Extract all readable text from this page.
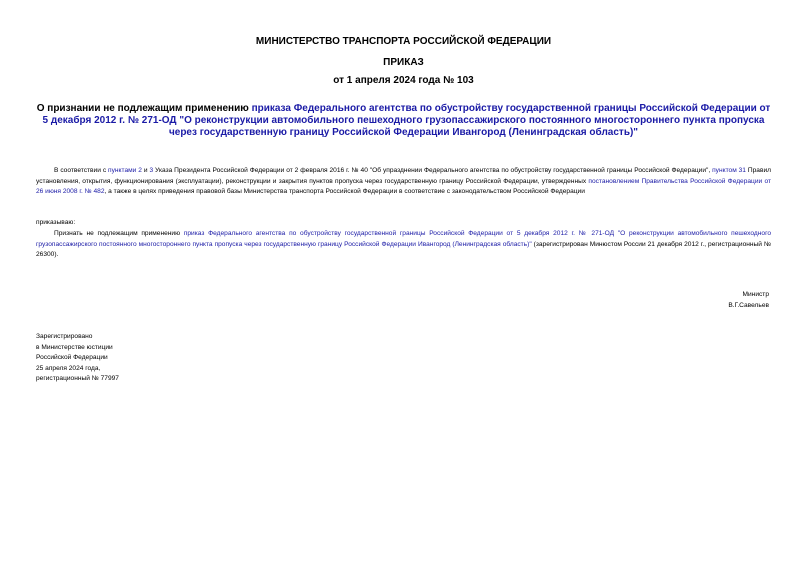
МИНИСТЕРСТВО ТРАНСПОРТА РОССИЙСКОЙ ФЕДЕРАЦИИ
ПРИКАЗ
от 1 апреля 2024 года № 103
О признании не подлежащим применению приказа Федерального агентства по обустройству государственной границы Российской Федерации от 5 декабря 2012 г. № 271-ОД "О реконструкции автомобильного пешеходного грузопассажирского постоянного многостороннего пункта пропуска через государственную границу Российской Федерации Ивангород (Ленинградская область)"
В соответствии с пунктами 2 и 3 Указа Президента Российской Федерации от 2 февраля 2016 г. № 40 "Об упразднении Федерального агентства по обустройству государственной границы Российской Федерации", пунктом 31 Правил установления, открытия, функционирования (эксплуатации), реконструкции и закрытия пунктов пропуска через государственную границу Российской Федерации, утвержденных постановлением Правительства Российской Федерации от 26 июня 2008 г. № 482, а также в целях приведения правовой базы Министерства транспорта Российской Федерации в соответствие с законодательством Российской Федерации
приказываю:
Признать не подлежащим применению приказ Федерального агентства по обустройству государственной границы Российской Федерации от 5 декабря 2012 г. № 271-ОД "О реконструкции автомобильного пешеходного грузопассажирского постоянного многостороннего пункта пропуска через государственную границу Российской Федерации Ивангород (Ленинградская область)" (зарегистрирован Минюстом России 21 декабря 2012 г., регистрационный № 26300).
Министр
В.Г.Савельев
Зарегистрировано
в Министерстве юстиции
Российской Федерации
25 апреля 2024 года,
регистрационный № 77997
